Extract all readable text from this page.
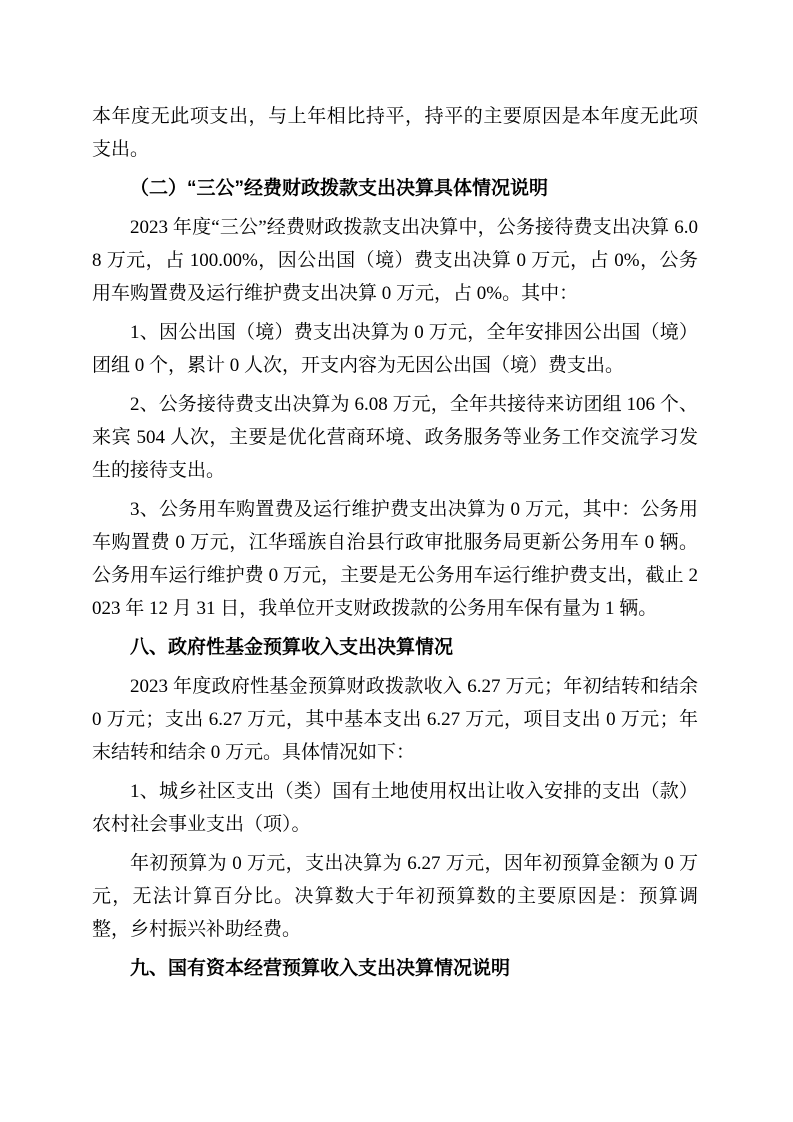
本年度无此项支出，与上年相比持平，持平的主要原因是本年度无此项支出。

（二）“三公”经费财政拨款支出决算具体情况说明

2023 年度“三公”经费财政拨款支出决算中，公务接待费支出决算 6.08 万元，占 100.00%，因公出国（境）费支出决算 0 万元，占 0%，公务用车购置费及运行维护费支出决算 0 万元，占 0%。其中：

1、因公出国（境）费支出决算为 0 万元，全年安排因公出国（境）团组 0 个，累计 0 人次，开支内容为无因公出国（境）费支出。

2、公务接待费支出决算为 6.08 万元，全年共接待来访团组 106 个、来宾 504 人次，主要是优化营商环境、政务服务等业务工作交流学习发生的接待支出。

3、公务用车购置费及运行维护费支出决算为 0 万元，其中：公务用车购置费 0 万元，江华瑶族自治县行政审批服务局更新公务用车 0 辆。公务用车运行维护费 0 万元，主要是无公务用车运行维护费支出，截止 2023 年 12 月 31 日，我单位开支财政拨款的公务用车保有量为 1 辆。

八、政府性基金预算收入支出决算情况

2023 年度政府性基金预算财政拨款收入 6.27 万元；年初结转和结余 0 万元；支出 6.27 万元，其中基本支出 6.27 万元，项目支出 0 万元；年末结转和结余 0 万元。具体情况如下：

1、城乡社区支出（类）国有土地使用权出让收入安排的支出（款）农村社会事业支出（项）。

年初预算为 0 万元，支出决算为 6.27 万元，因年初预算金额为 0 万元，无法计算百分比。决算数大于年初预算数的主要原因是：预算调整，乡村振兴补助经费。

九、国有资本经营预算收入支出决算情况说明
